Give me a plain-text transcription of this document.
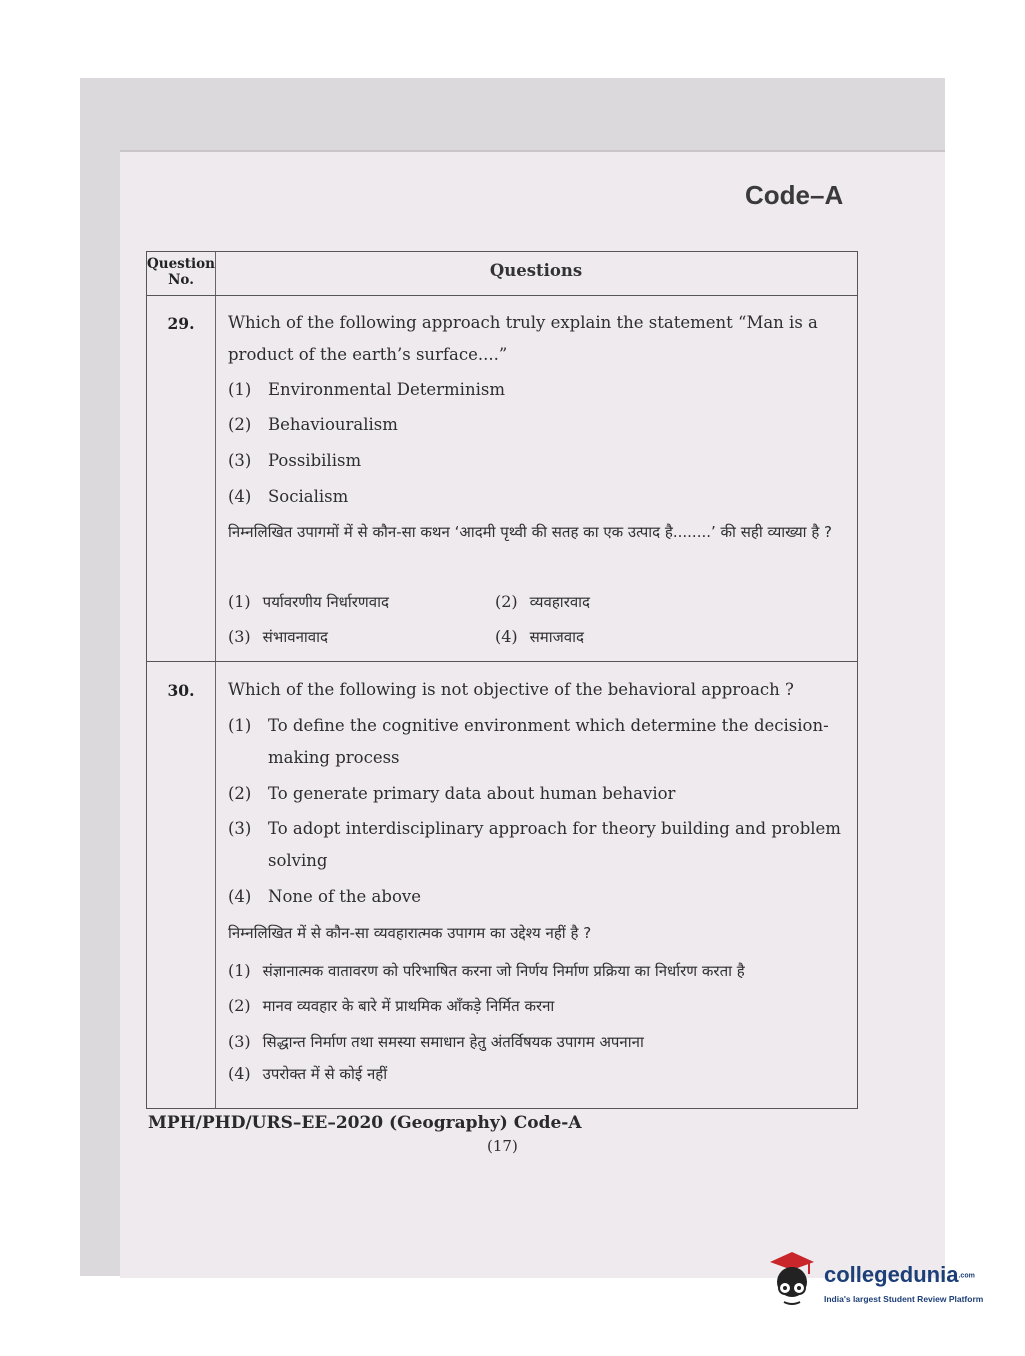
Code–A
Question
No.	Questions
29.	Which of the following approach truly explain the statement “Man is a product of the earth’s surface....”
(1) Environmental Determinism
(2) Behaviouralism
(3) Possibilism
(4) Socialism
निम्नलिखित उपागमों में से कौन-सा कथन ‘आदमी पृथ्वी की सतह का एक उत्पाद है........’ की सही व्याख्या है ?
(1) पर्यावरणीय निर्धारणवाद	(2) व्यवहारवाद
(3) संभावनावाद	(4) समाजवाद
30.	Which of the following is not objective of the behavioral approach ?
(1) To define the cognitive environment which determine the decision-making process
(2) To generate primary data about human behavior
(3) To adopt interdisciplinary approach for theory building and problem solving
(4) None of the above
निम्नलिखित में से कौन-सा व्यवहारात्मक उपागम का उद्देश्य नहीं है ?
(1) संज्ञानात्मक वातावरण को परिभाषित करना जो निर्णय निर्माण प्रक्रिया का निर्धारण करता है
(2) मानव व्यवहार के बारे में प्राथमिक आँकड़े निर्मित करना
(3) सिद्धान्त निर्माण तथा समस्या समाधान हेतु अंतर्विषयक उपागम अपनाना
(4) उपरोक्त में से कोई नहीं
MPH/PHD/URS–EE–2020 (Geography) Code-A
(17)
collegedunia.com
India's largest Student Review Platform
